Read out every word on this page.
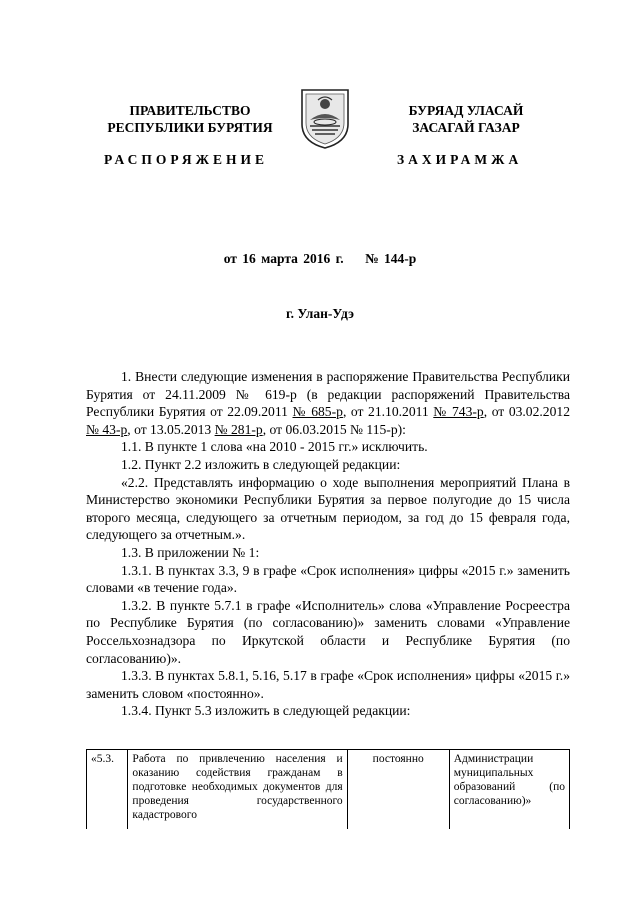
ПРАВИТЕЛЬСТВО
РЕСПУБЛИКИ БУРЯТИЯ
РАСПОРЯЖЕНИЕ
БУРЯАД УЛАСАЙ
ЗАСАГАЙ ГАЗАР
ЗАХИРАМЖА
от 16 марта 2016 г.    № 144-р
г. Улан-Удэ

1. Внести следующие изменения в распоряжение Правительства Республики Бурятия от 24.11.2009 № 619-р (в редакции распоряжений Правительства Республики Бурятия от 22.09.2011 № 685-р, от 21.10.2011 № 743-р, от 03.02.2012 № 43-р, от 13.05.2013 № 281-р, от 06.03.2015 № 115-р):

1.1. В пункте 1 слова «на 2010 - 2015 гг.» исключить.

1.2. Пункт 2.2 изложить в следующей редакции:

«2.2. Представлять информацию о ходе выполнения мероприятий Плана в Министерство экономики Республики Бурятия за первое полугодие до 15 числа второго месяца, следующего за отчетным периодом, за год до 15 февраля года, следующего за отчетным.».

1.3. В приложении № 1:

1.3.1. В пунктах 3.3, 9 в графе «Срок исполнения» цифры «2015 г.» заменить словами «в течение года».

1.3.2. В пункте 5.7.1 в графе «Исполнитель» слова «Управление Росреестра по Республике Бурятия (по согласованию)» заменить словами «Управление Россельхознадзора по Иркутской области и Республике Бурятия (по согласованию)».

1.3.3. В пунктах 5.8.1, 5.16, 5.17 в графе «Срок исполнения» цифры «2015 г.» заменить словом «постоянно».

1.3.4. Пункт 5.3 изложить в следующей редакции:

«5.3.	Работа по привлечению населения и оказанию содействия гражданам в подготовке необходимых документов для проведения государственного кадастрового	постоянно	Администрации муниципальных образований (по согласованию)»
